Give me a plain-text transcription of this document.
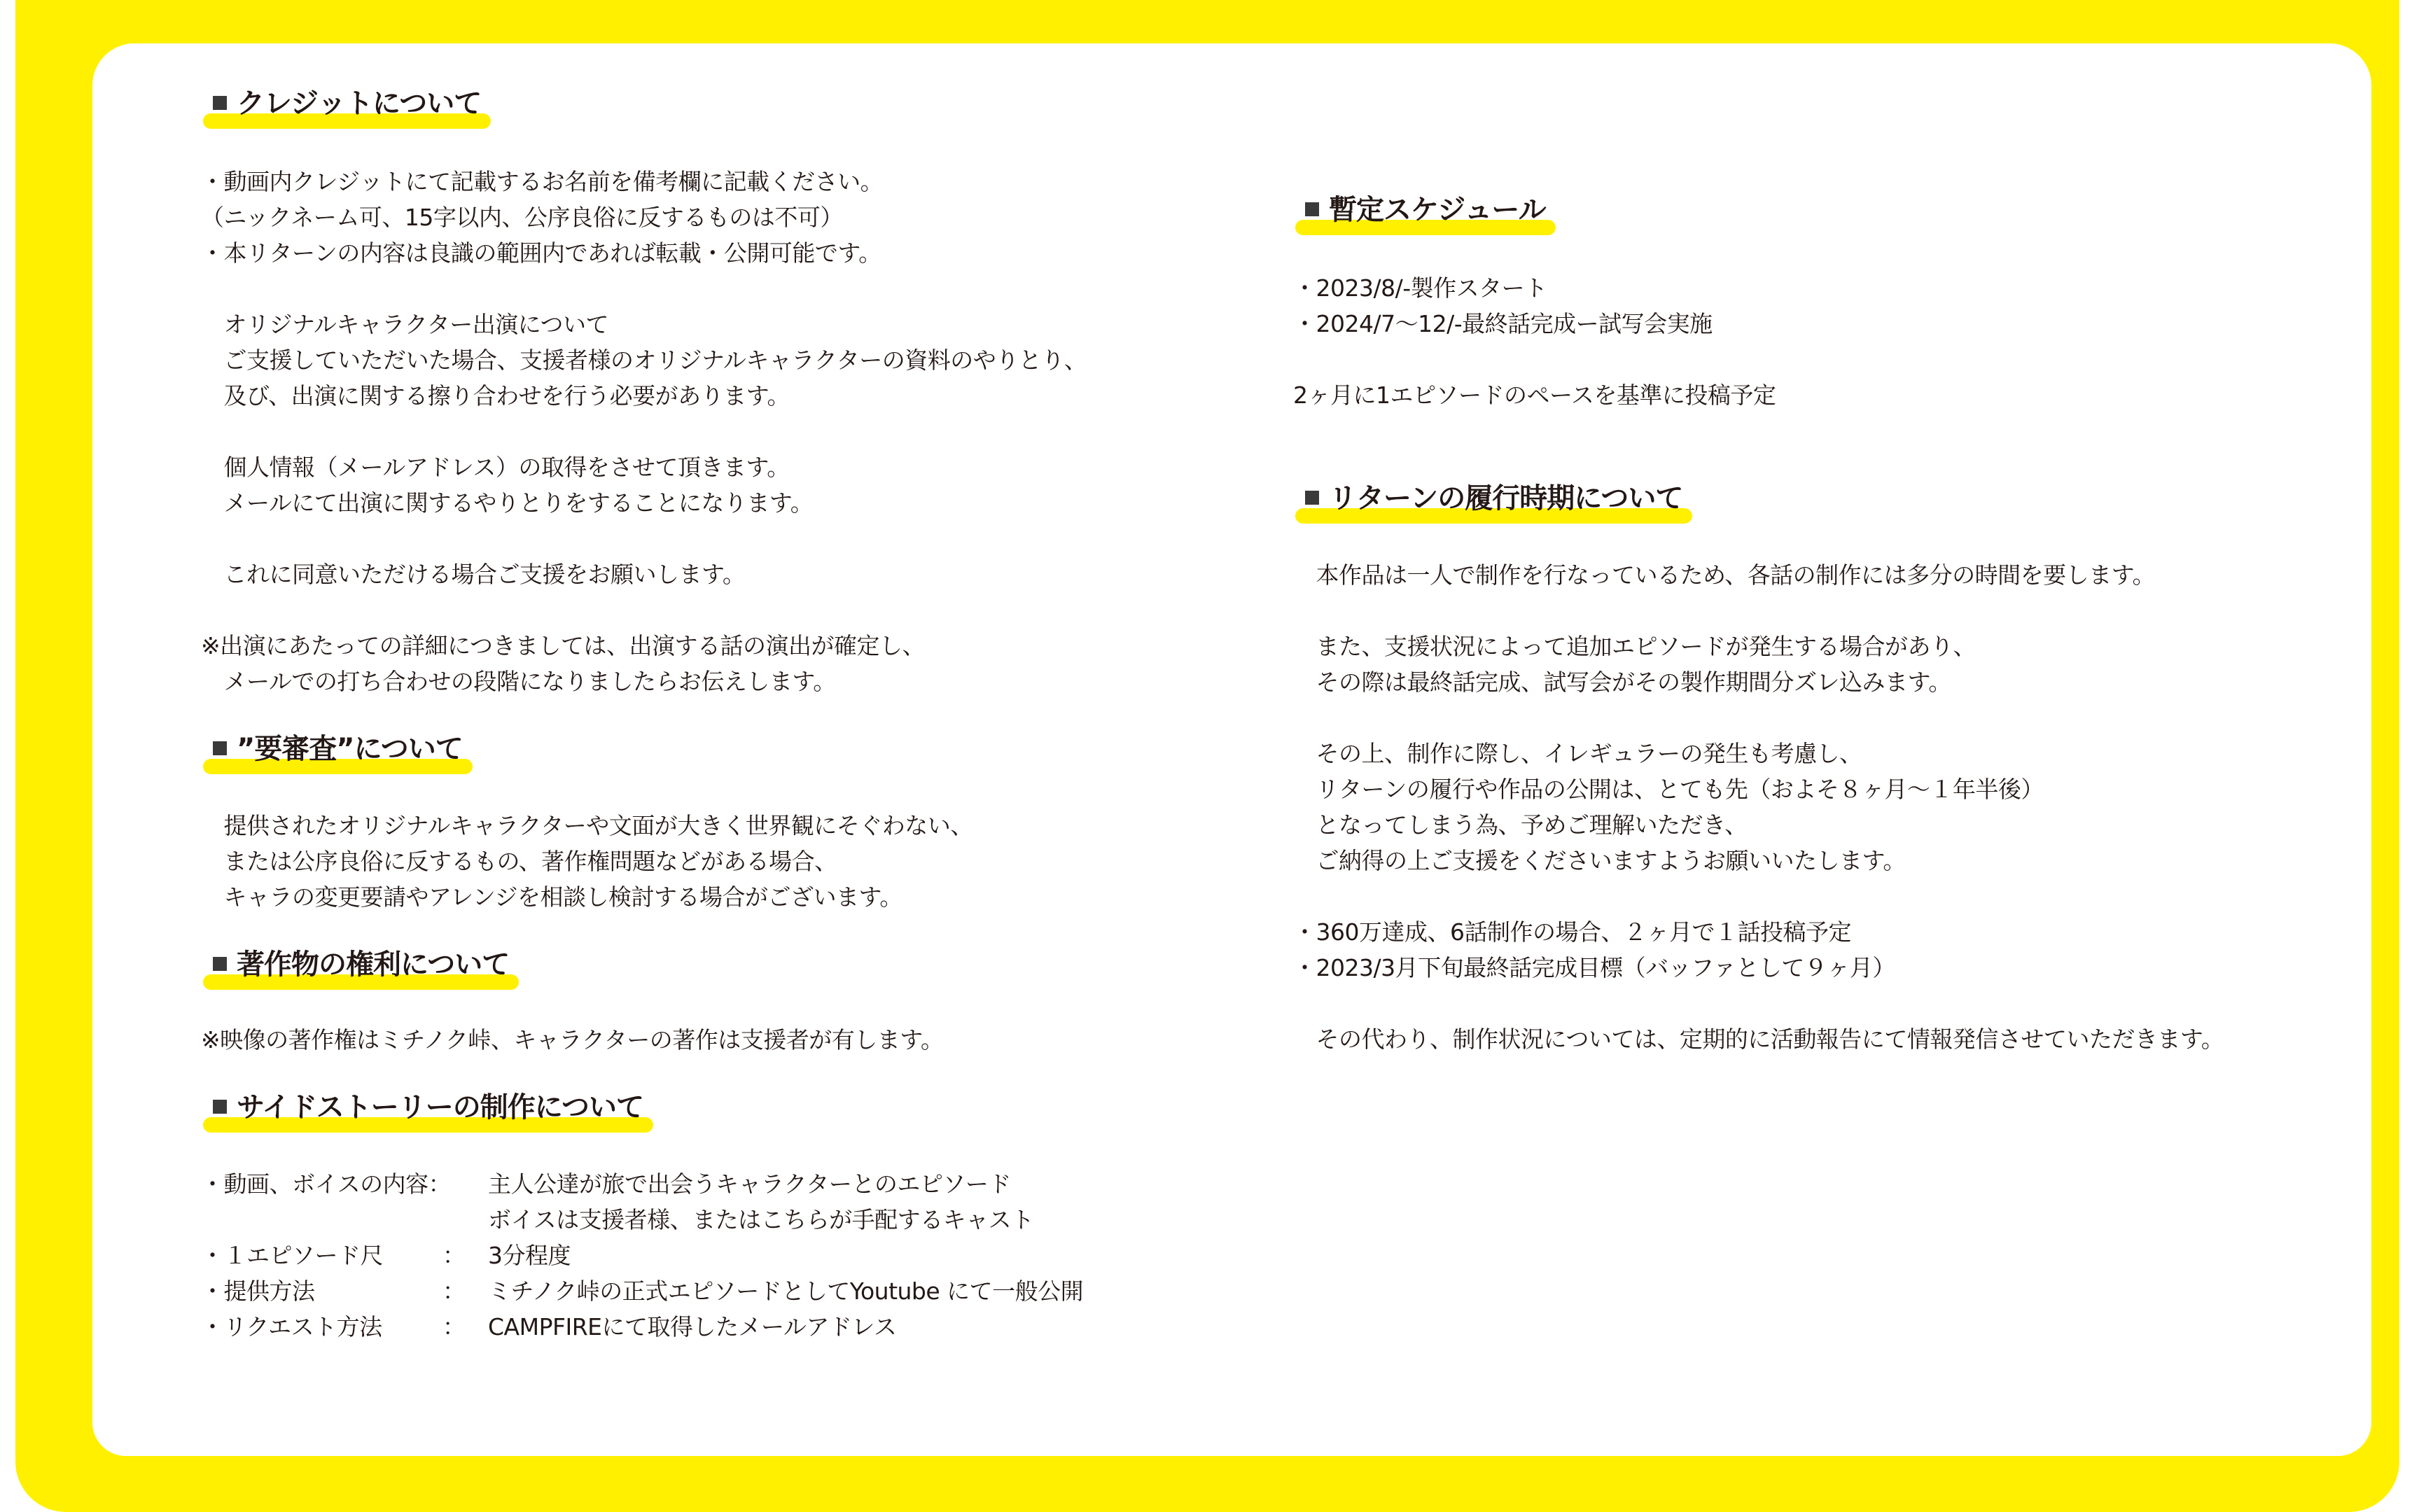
クレジットについて
・動画内クレジットにて記載するお名前を備考欄に記載ください。
（ニックネーム可、15字以内、公序良俗に反するものは不可）
・本リターンの内容は良識の範囲内であれば転載・公開可能です。
　オリジナルキャラクター出演について
　ご支援していただいた場合、支援者様のオリジナルキャラクターの資料のやりとり、
　及び、出演に関する擦り合わせを行う必要があります。
　個人情報（メールアドレス）の取得をさせて頂きます。
　メールにて出演に関するやりとりをすることになります。
　これに同意いただける場合ご支援をお願いします。
※出演にあたっての詳細につきましては、出演する話の演出が確定し、
　メールでの打ち合わせの段階になりましたらお伝えします。
”要審査”について
　提供されたオリジナルキャラクターや文面が大きく世界観にそぐわない、
　または公序良俗に反するもの、著作権問題などがある場合、
　キャラの変更要請やアレンジを相談し検討する場合がございます。
著作物の権利について
※映像の著作権はミチノク峠、キャラクターの著作は支援者が有します。
サイドストーリーの制作について
・動画、ボイスの内容： 主人公達が旅で出会うキャラクターとのエピソード
ボイスは支援者様、またはこちらが手配するキャスト
・１エピソード尺	： 3分程度
・提供方法	： ミチノク峠の正式エピソードとしてYoutube にて一般公開
・リクエスト方法	： CAMPFIREにて取得したメールアドレス
暫定スケジュール
・2023/8/-製作スタート
・2024/7〜12/-最終話完成ー試写会実施
2ヶ月に1エピソードのペースを基準に投稿予定
リターンの履行時期について
　本作品は一人で制作を行なっているため、各話の制作には多分の時間を要します。
　また、支援状況によって追加エピソードが発生する場合があり、
　その際は最終話完成、試写会がその製作期間分ズレ込みます。
　その上、制作に際し、イレギュラーの発生も考慮し、
　リターンの履行や作品の公開は、とても先（およそ８ヶ月〜１年半後）
　となってしまう為、予めご理解いただき、
　ご納得の上ご支援をくださいますようお願いいたします。
・360万達成、6話制作の場合、２ヶ月で１話投稿予定
・2023/3月下旬最終話完成目標（バッファとして９ヶ月）
　その代わり、制作状況については、定期的に活動報告にて情報発信させていただきます。
